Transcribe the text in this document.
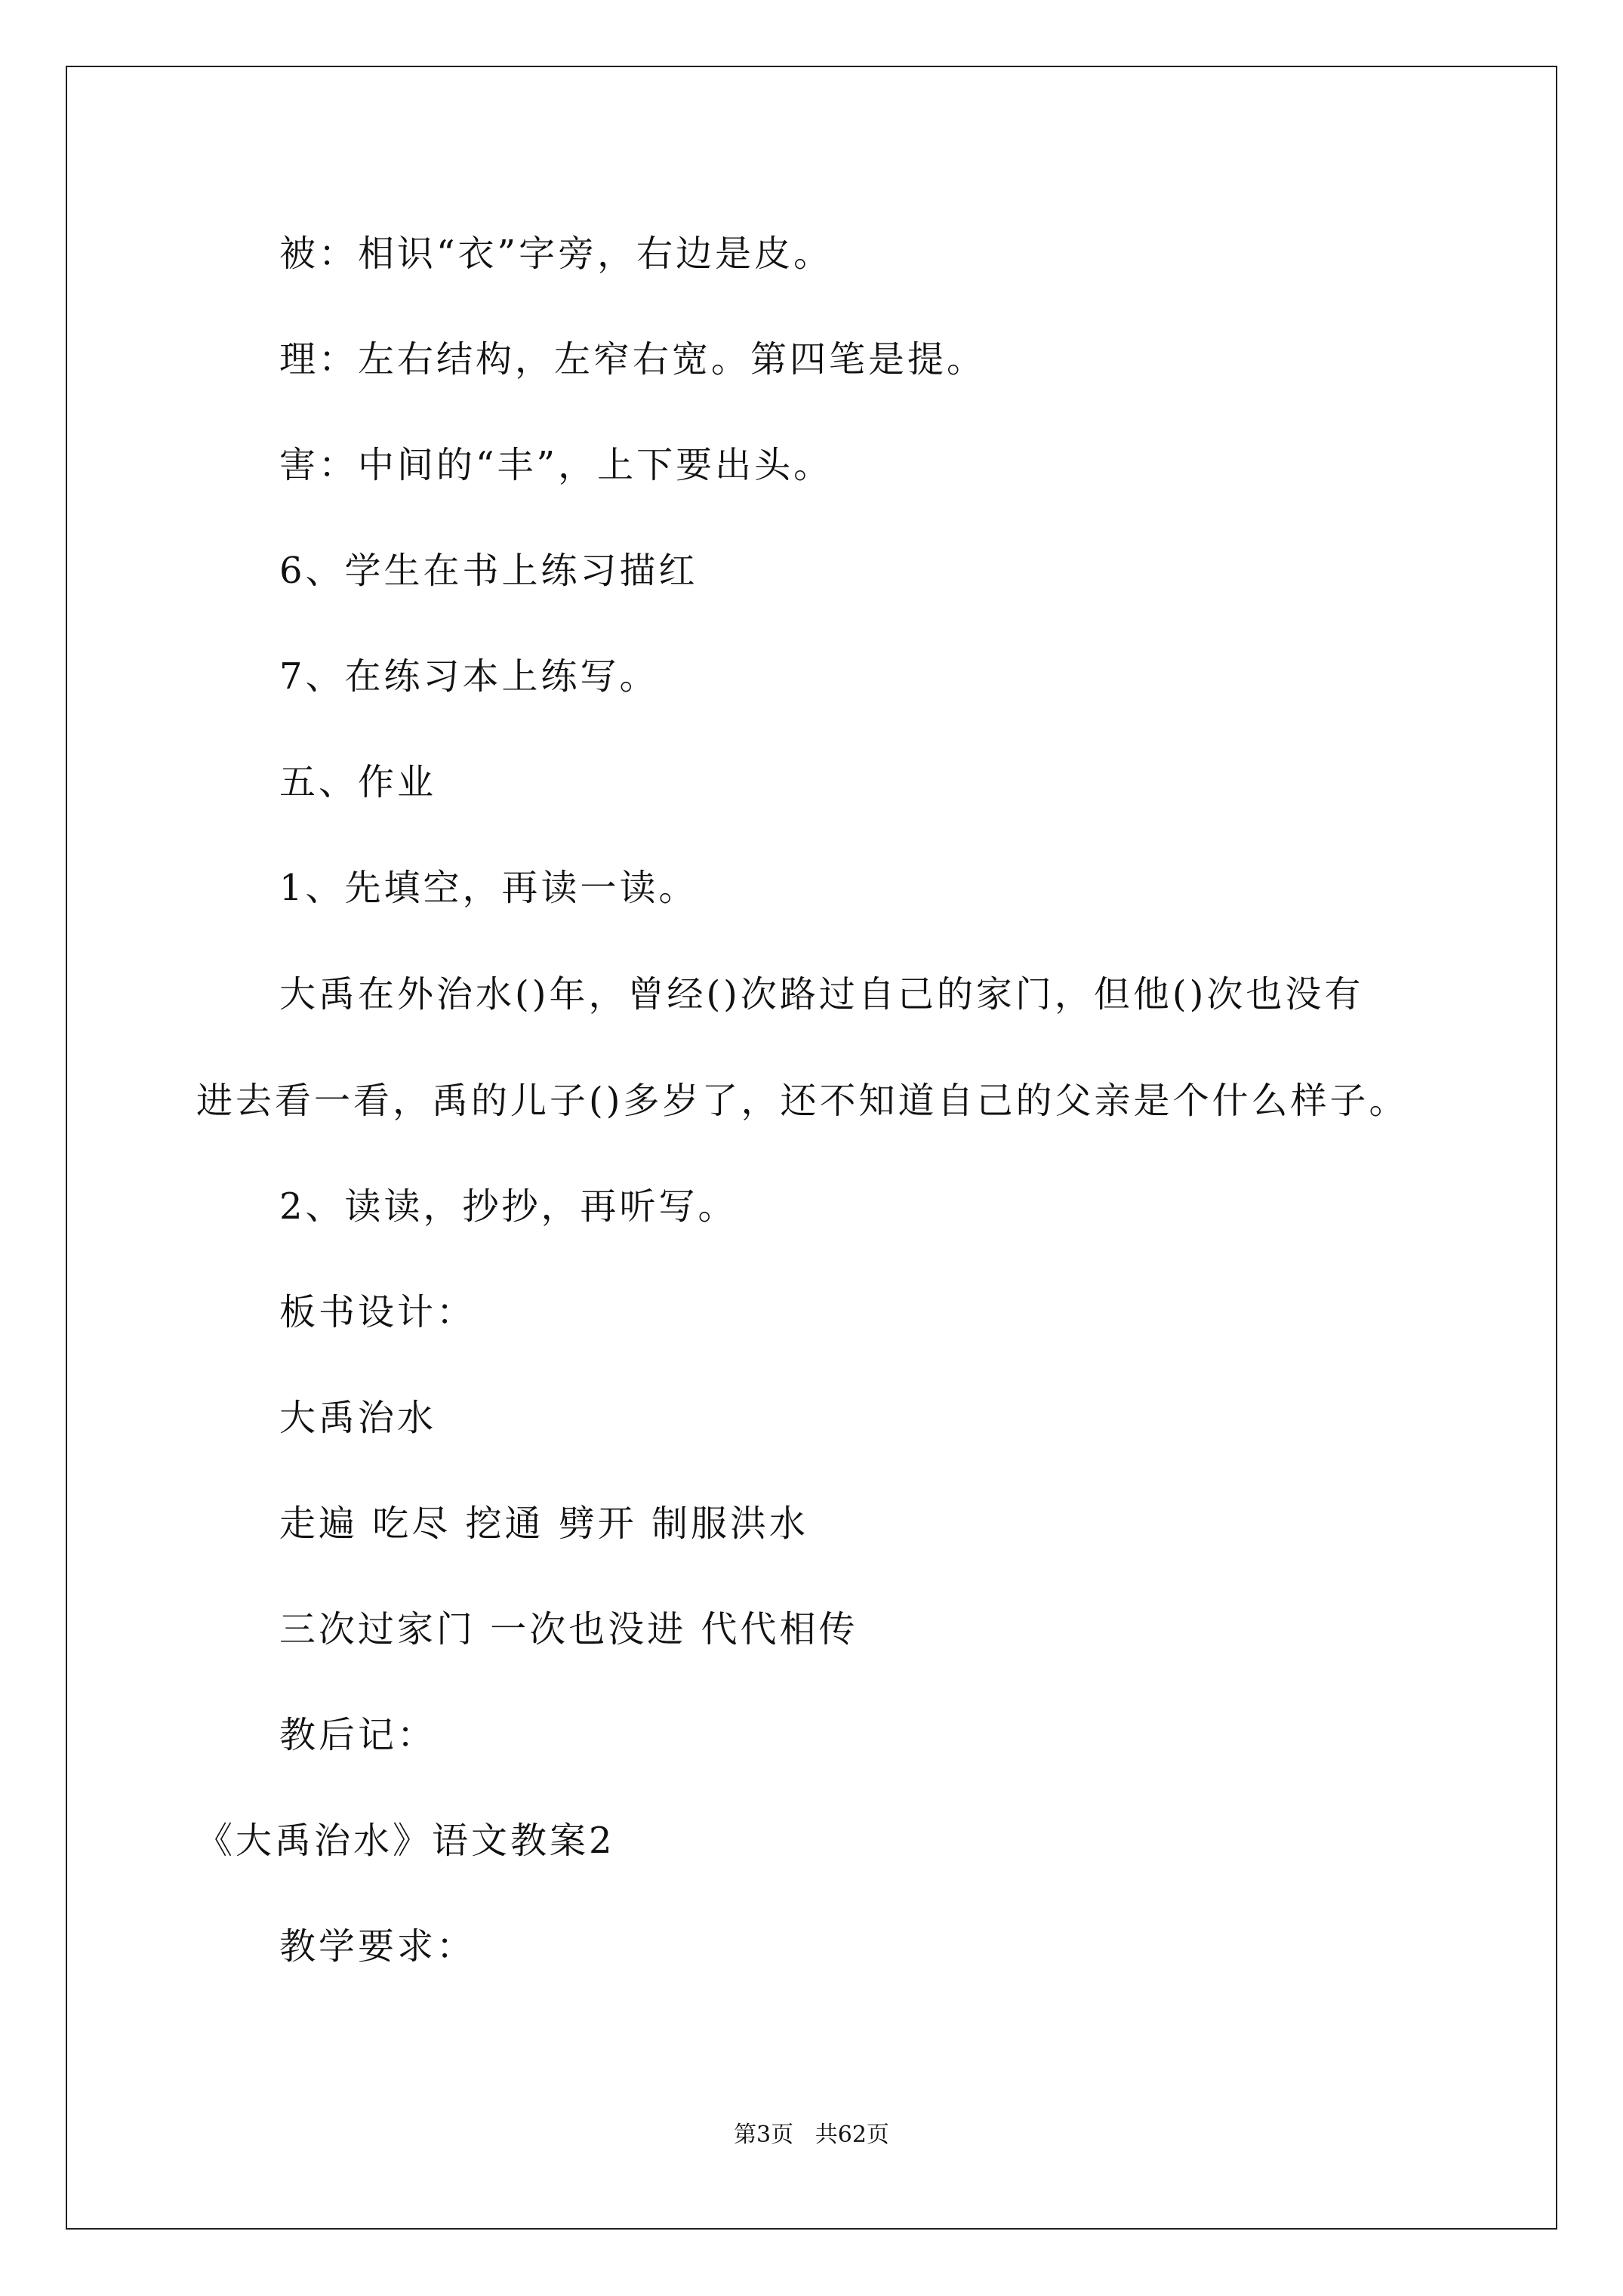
被：相识“衣”字旁，右边是皮。
理：左右结构，左窄右宽。第四笔是提。
害：中间的“丰”，上下要出头。
6、学生在书上练习描红
7、在练习本上练写。
五、作业
1、先填空，再读一读。
大禹在外治水()年，曾经()次路过自己的家门，但他()次也没有
进去看一看，禹的儿子()多岁了，还不知道自己的父亲是个什么样子。
2、读读，抄抄，再听写。
板书设计：
大禹治水
走遍 吃尽 挖通 劈开 制服洪水
三次过家门 一次也没进 代代相传
教后记：
《大禹治水》语文教案2
教学要求：
第3页   共62页
